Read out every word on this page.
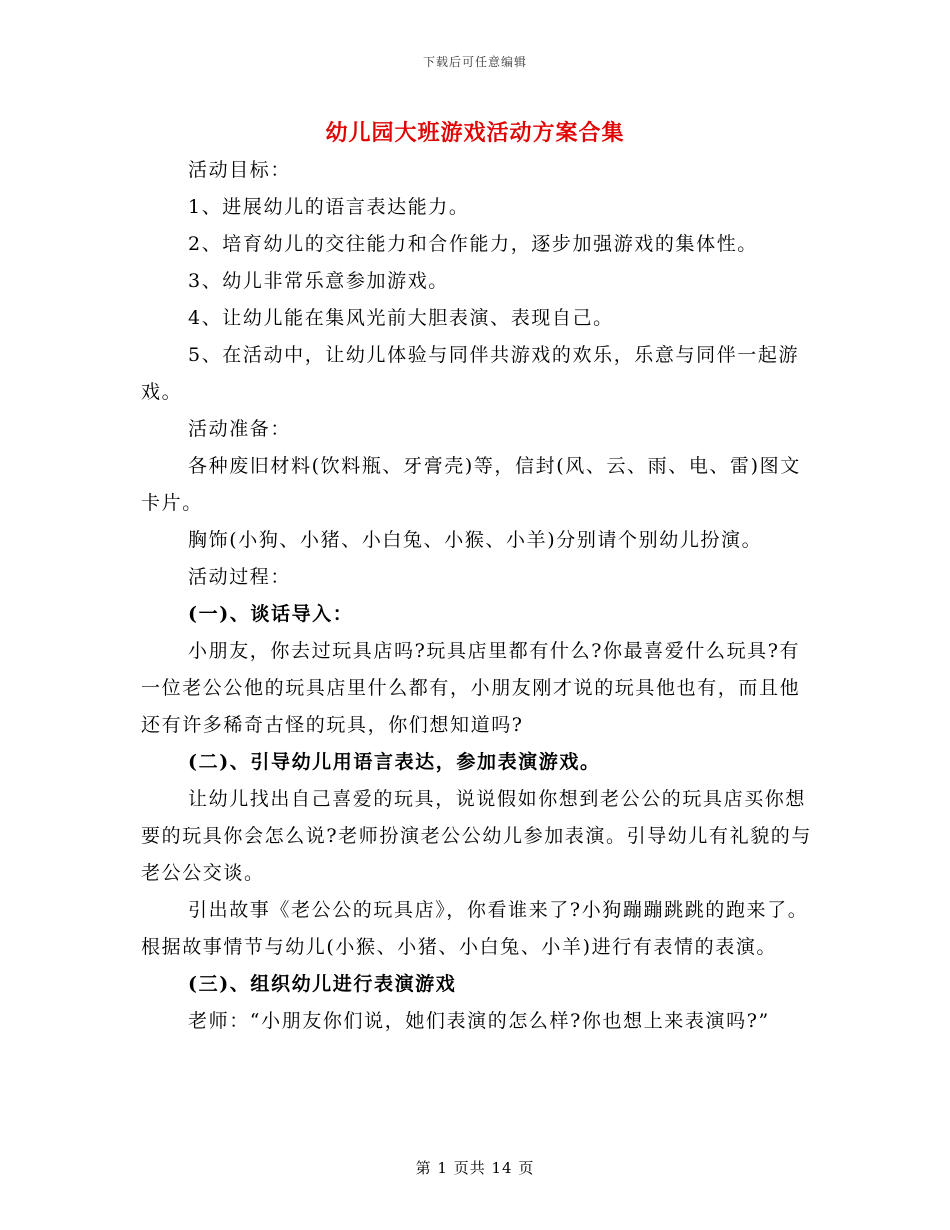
下载后可任意编辑
幼儿园大班游戏活动方案合集

活动目标：

1、进展幼儿的语言表达能力。

2、培育幼儿的交往能力和合作能力，逐步加强游戏的集体性。

3、幼儿非常乐意参加游戏。

4、让幼儿能在集风光前大胆表演、表现自己。

5、在活动中，让幼儿体验与同伴共游戏的欢乐，乐意与同伴一起游戏。

活动准备：

各种废旧材料(饮料瓶、牙膏壳)等，信封(风、云、雨、电、雷)图文卡片。

胸饰(小狗、小猪、小白兔、小猴、小羊)分别请个别幼儿扮演。

活动过程：

(一)、谈话导入：

小朋友，你去过玩具店吗?玩具店里都有什么?你最喜爱什么玩具?有一位老公公他的玩具店里什么都有，小朋友刚才说的玩具他也有，而且他还有许多稀奇古怪的玩具，你们想知道吗?

(二)、引导幼儿用语言表达，参加表演游戏。

让幼儿找出自己喜爱的玩具，说说假如你想到老公公的玩具店买你想要的玩具你会怎么说?老师扮演老公公幼儿参加表演。引导幼儿有礼貌的与老公公交谈。

引出故事《老公公的玩具店》，你看谁来了?小狗蹦蹦跳跳的跑来了。根据故事情节与幼儿(小猴、小猪、小白兔、小羊)进行有表情的表演。

(三)、组织幼儿进行表演游戏

老师：“小朋友你们说，她们表演的怎么样?你也想上来表演吗?”

第 1 页共 14 页
